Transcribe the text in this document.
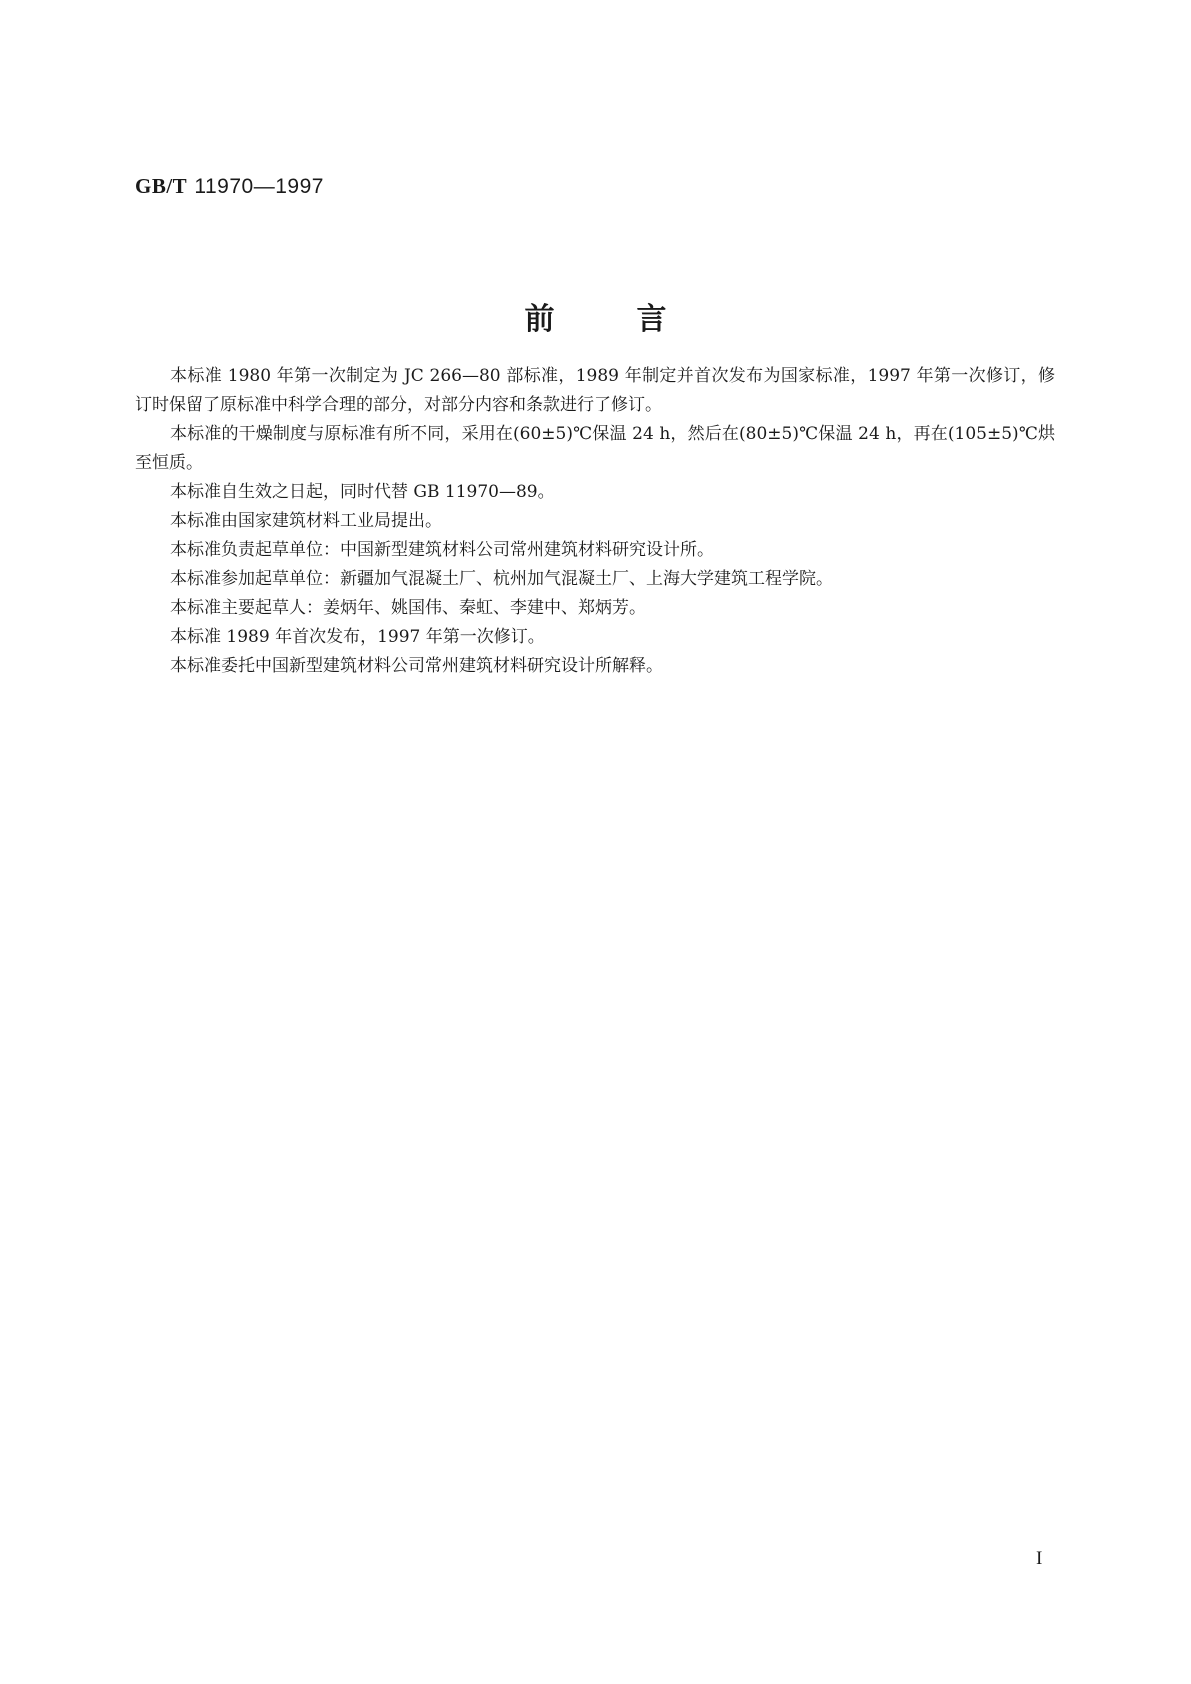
GB/T 11970—1997
前言

本标准 1980 年第一次制定为 JC 266—80 部标准，1989 年制定并首次发布为国家标准，1997 年第一次修订，修订时保留了原标准中科学合理的部分，对部分内容和条款进行了修订。

本标准的干燥制度与原标准有所不同，采用在(60±5)℃保温 24 h，然后在(80±5)℃保温 24 h，再在(105±5)℃烘至恒质。

本标准自生效之日起，同时代替 GB 11970—89。

本标准由国家建筑材料工业局提出。

本标准负责起草单位：中国新型建筑材料公司常州建筑材料研究设计所。

本标准参加起草单位：新疆加气混凝土厂、杭州加气混凝土厂、上海大学建筑工程学院。

本标准主要起草人：姜炳年、姚国伟、秦虹、李建中、郑炳芳。

本标准 1989 年首次发布，1997 年第一次修订。

本标准委托中国新型建筑材料公司常州建筑材料研究设计所解释。

I
